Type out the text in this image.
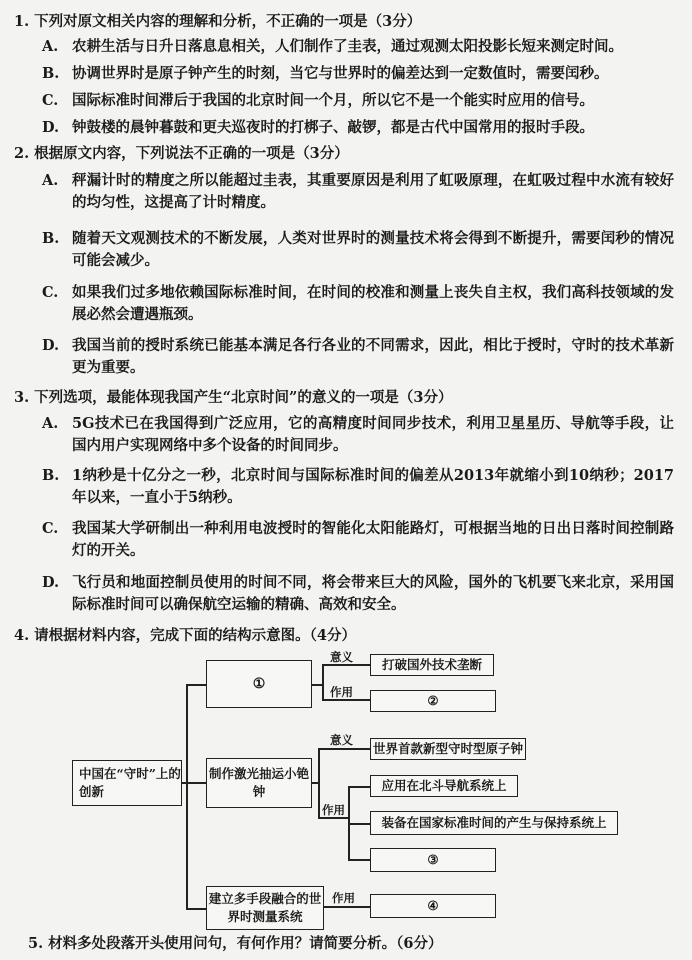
1. 下列对原文相关内容的理解和分析，不正确的一项是（3分）
A. 农耕生活与日升日落息息相关，人们制作了圭表，通过观测太阳投影长短来测定时间。
B. 协调世界时是原子钟产生的时刻，当它与世界时的偏差达到一定数值时，需要闰秒。
C. 国际标准时间滞后于我国的北京时间一个月，所以它不是一个能实时应用的信号。
D. 钟鼓楼的晨钟暮鼓和更夫巡夜时的打梆子、敲锣，都是古代中国常用的报时手段。
2. 根据原文内容，下列说法不正确的一项是（3分）
A. 秤漏计时的精度之所以能超过圭表，其重要原因是利用了虹吸原理，在虹吸过程中水流有较好的均匀性，这提高了计时精度。
B. 随着天文观测技术的不断发展，人类对世界时的测量技术将会得到不断提升，需要闰秒的情况可能会减少。
C. 如果我们过多地依赖国际标准时间，在时间的校准和测量上丧失自主权，我们高科技领域的发展必然会遭遇瓶颈。
D. 我国当前的授时系统已能基本满足各行各业的不同需求，因此，相比于授时，守时的技术革新更为重要。
3. 下列选项，最能体现我国产生“北京时间”的意义的一项是（3分）
A. 5G技术已在我国得到广泛应用，它的高精度时间同步技术，利用卫星星历、导航等手段，让国内用户实现网络中多个设备的时间同步。
B. 1纳秒是十亿分之一秒，北京时间与国际标准时间的偏差从2013年就缩小到10纳秒；2017年以来，一直小于5纳秒。
C. 我国某大学研制出一种利用电波授时的智能化太阳能路灯，可根据当地的日出日落时间控制路灯的开关。
D. 飞行员和地面控制员使用的时间不同，将会带来巨大的风险，国外的飞机要飞来北京，采用国际标准时间可以确保航空运输的精确、高效和安全。
4. 请根据材料内容，完成下面的结构示意图。（4分）
中国在“守时”上的创新
①
意义
作用
打破国外技术垄断
②
制作激光抽运小铯钟
意义
作用
世界首款新型守时型原子钟
应用在北斗导航系统上
装备在国家标准时间的产生与保持系统上
③
建立多手段融合的世界时测量系统
作用	④
5. 材料多处段落开头使用问句，有何作用？请简要分析。（6分）
